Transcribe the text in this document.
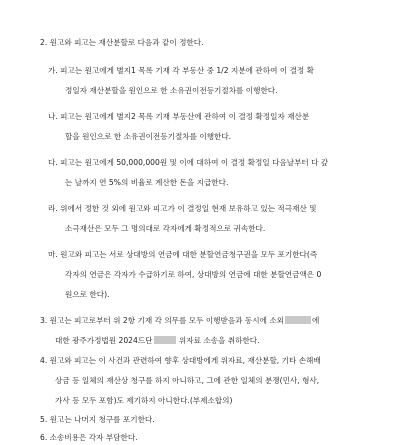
2. 원고와 피고는 재산분할로 다음과 같이 정한다.
가. 피고는 원고에게 별지1 목록 기재 각 부동산 중 1/2 지분에 관하여 이 결정 확
정일자 재산분할을 원인으로 한 소유권이전등기절차를 이행한다.
나. 피고는 원고에게 별지2 목록 기재 부동산에 관하여 이 결정 확정일자 재산분
할을 원인으로 한 소유권이전등기절차를 이행한다.
다. 피고는 원고에게 50,000,000원 및 이에 대하여 이 결정 확정일 다음날부터 다 갚
는 날까지 연 5%의 비율로 계산한 돈을 지급한다.
라. 위에서 정한 것 외에 원고와 피고가 이 결정일 현재 보유하고 있는 적극재산 및
소극재산은 모두 그 명의대로 각자에게 확정적으로 귀속한다.
마. 원고와 피고는 서로 상대방의 연금에 대한 분할연금청구권을 모두 포기한다(즉
각자의 연금은 각자가 수급하기로 하여, 상대방의 연금에 대한 분할연금액은 0
원으로 한다).
3. 원고는 피고로부터 위 2항 기재 각 의무를 모두 이행받음과 동시에 소외	에
대한 광주가정법원 2024드단	위자료 소송을 취하한다.
4. 원고와 피고는 이 사건과 관련하여 향후 상대방에게 위자료, 재산분할, 기타 손해배
상금 등 일체의 재산상 청구를 하지 아니하고, 그에 관한 일체의 분쟁(민사, 형사,
가사 등 모두 포함)도 제기하지 아니한다.(부제소합의)
5. 원고는 나머지 청구를 포기한다.
6. 소송비용은 각자 부담한다.
